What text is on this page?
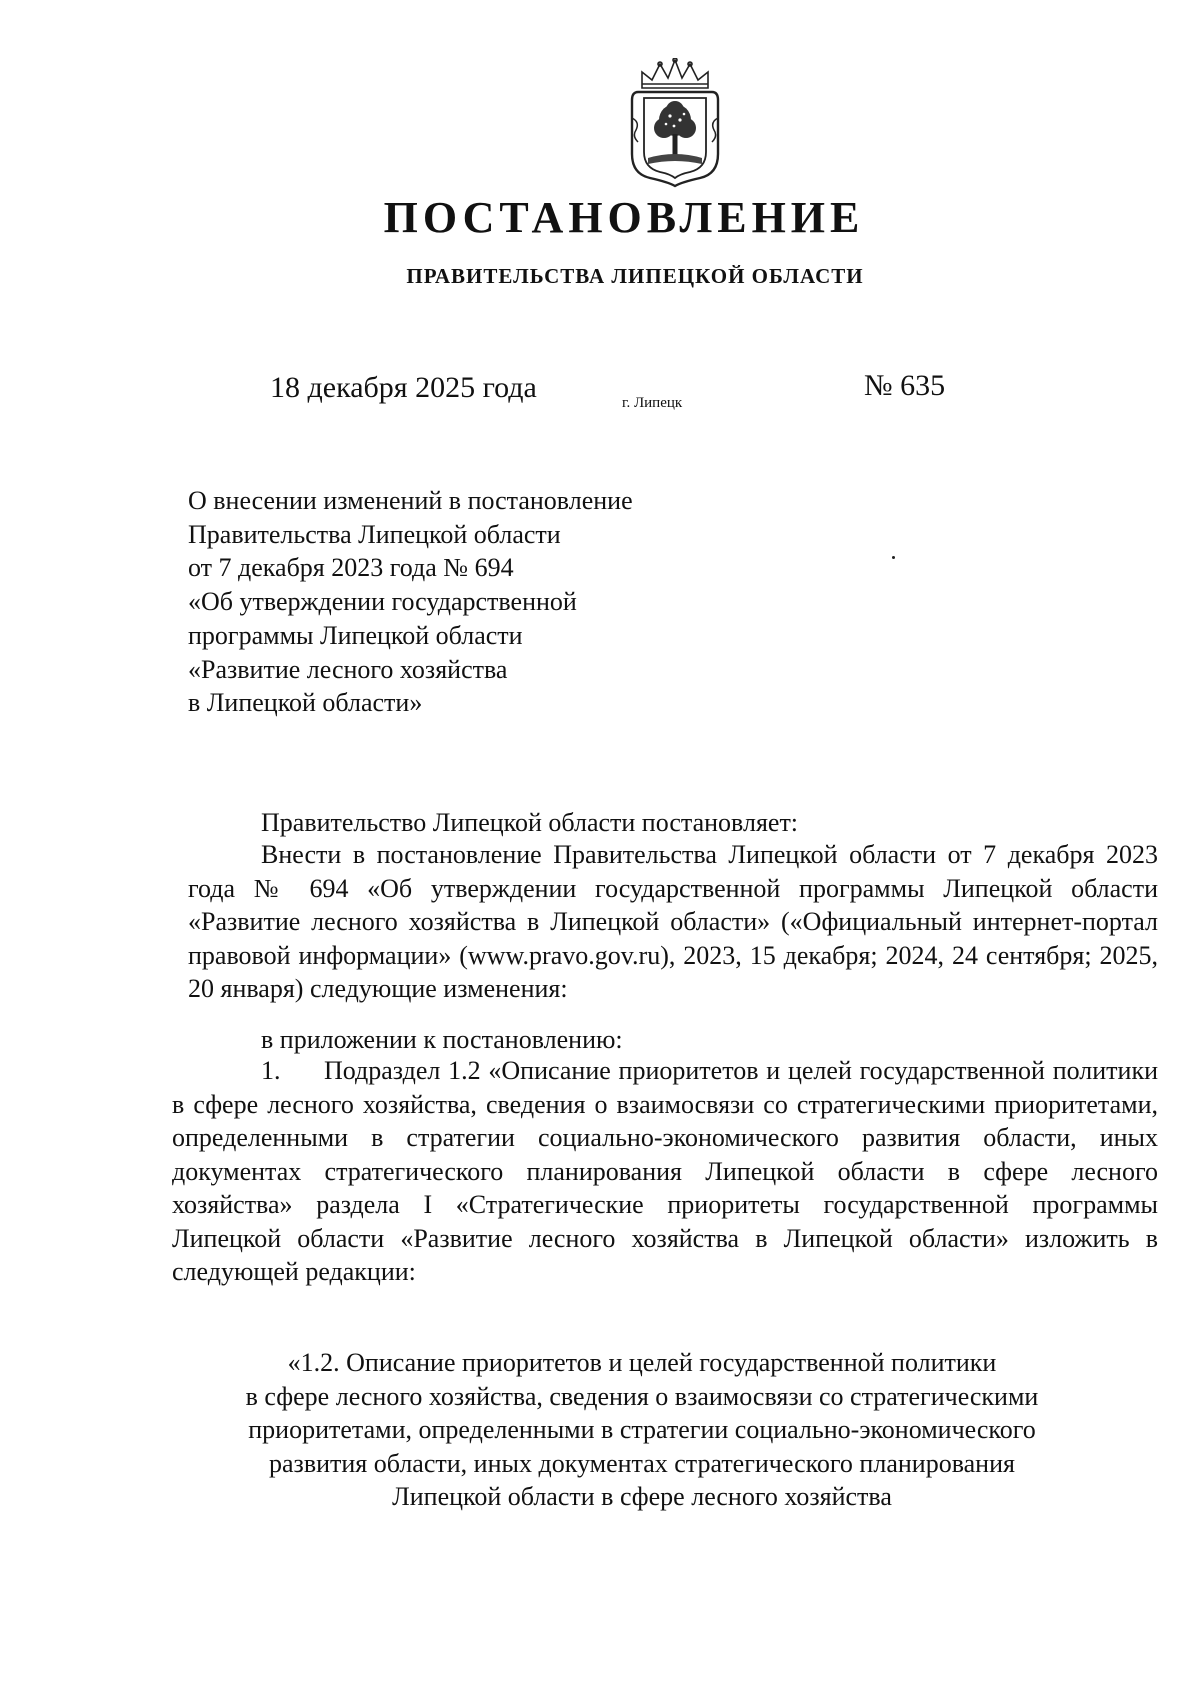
ПОСТАНОВЛЕНИЕ
ПРАВИТЕЛЬСТВА ЛИПЕЦКОЙ ОБЛАСТИ
18 декабря 2025 года	г. Липецк
№ 635
О внесении изменений в постановление
Правительства Липецкой области
от 7 декабря 2023 года № 694
«Об утверждении государственной
программы Липецкой области
«Развитие лесного хозяйства
в Липецкой области»
Правительство Липецкой области постановляет:
Внести в постановление Правительства Липецкой области от 7 декабря 2023 года № 694 «Об утверждении государственной программы Липецкой области «Развитие лесного хозяйства в Липецкой области» («Официальный интернет-портал правовой информации» (www.pravo.gov.ru), 2023, 15 декабря; 2024, 24 сентября; 2025, 20 января) следующие изменения:
в приложении к постановлению:
1. Подраздел 1.2 «Описание приоритетов и целей государственной политики в сфере лесного хозяйства, сведения о взаимосвязи со стратегическими приоритетами, определенными в стратегии социально-экономического развития области, иных документах стратегического планирования Липецкой области в сфере лесного хозяйства» раздела I «Стратегические приоритеты государственной программы Липецкой области «Развитие лесного хозяйства в Липецкой области» изложить в следующей редакции:
«1.2. Описание приоритетов и целей государственной политики
в сфере лесного хозяйства, сведения о взаимосвязи со стратегическими
приоритетами, определенными в стратегии социально-экономического
развития области, иных документах стратегического планирования
Липецкой области в сфере лесного хозяйства
